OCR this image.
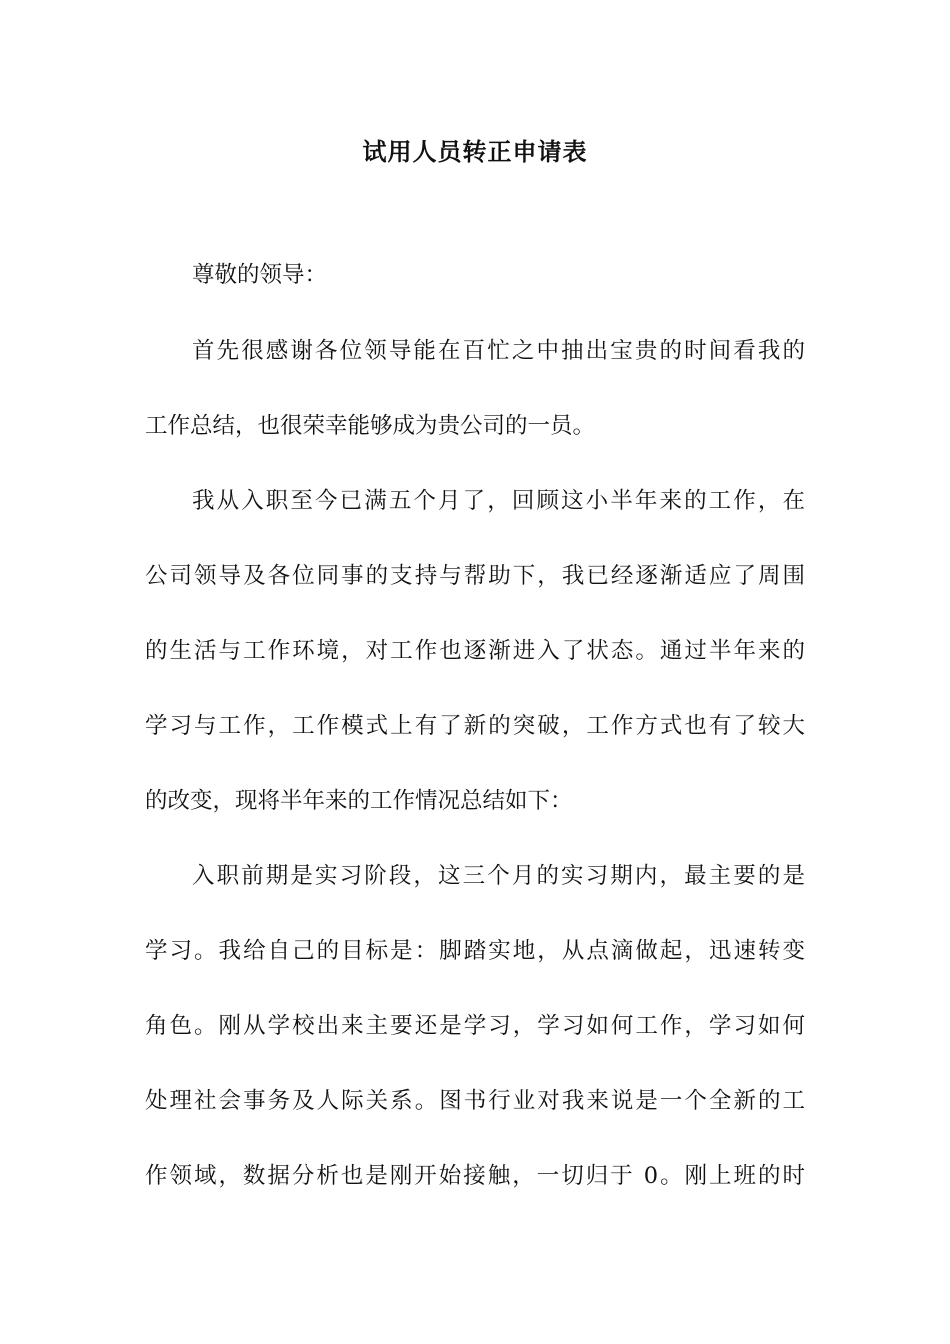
试用人员转正申请表

尊敬的领导：

首先很感谢各位领导能在百忙之中抽出宝贵的时间看我的

工作总结，也很荣幸能够成为贵公司的一员。

我从入职至今已满五个月了，回顾这小半年来的工作，在

公司领导及各位同事的支持与帮助下，我已经逐渐适应了周围

的生活与工作环境，对工作也逐渐进入了状态。通过半年来的

学习与工作，工作模式上有了新的突破，工作方式也有了较大

的改变，现将半年来的工作情况总结如下：

入职前期是实习阶段，这三个月的实习期内，最主要的是

学习。我给自己的目标是：脚踏实地，从点滴做起，迅速转变

角色。刚从学校出来主要还是学习，学习如何工作，学习如何

处理社会事务及人际关系。图书行业对我来说是一个全新的工

作领域，数据分析也是刚开始接触，一切归于 0。刚上班的时
